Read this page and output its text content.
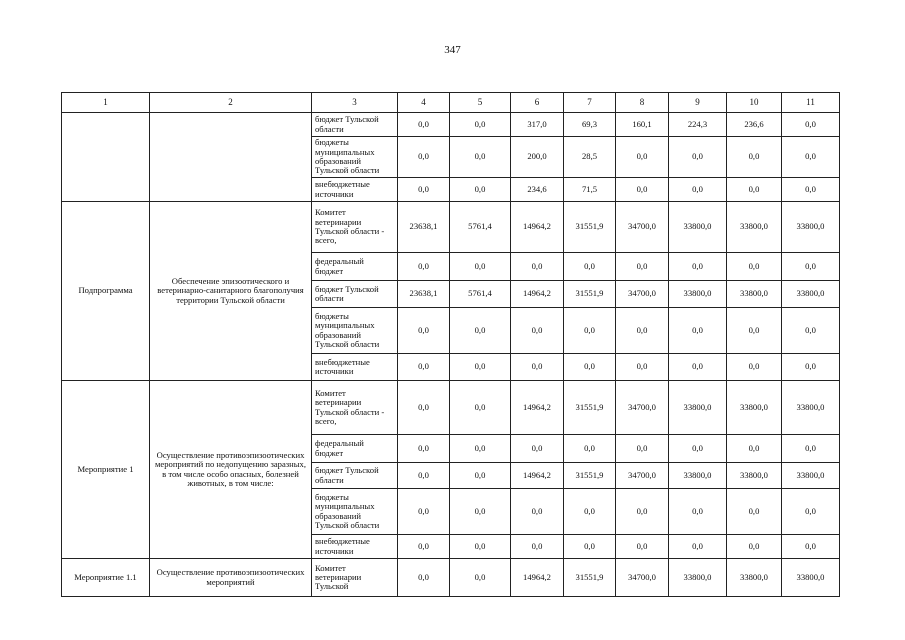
347
1	2	3	4	5	6	7	8	9	10	11
		бюджет Тульской области	0,0	0,0	317,0	69,3	160,1	224,3	236,6	0,0
		бюджеты муниципальных образований Тульской области	0,0	0,0	200,0	28,5	0,0	0,0	0,0	0,0
		внебюджетные источники	0,0	0,0	234,6	71,5	0,0	0,0	0,0	0,0
Подпрограмма	Обеспечение эпизоотического и ветеринарно-санитарного благополучия территории Тульской области	Комитет ветеринарии Тульской области - всего,	23638,1	5761,4	14964,2	31551,9	34700,0	33800,0	33800,0	33800,0
		федеральный бюджет	0,0	0,0	0,0	0,0	0,0	0,0	0,0	0,0
		бюджет Тульской области	23638,1	5761,4	14964,2	31551,9	34700,0	33800,0	33800,0	33800,0
		бюджеты муниципальных образований Тульской области	0,0	0,0	0,0	0,0	0,0	0,0	0,0	0,0
		внебюджетные источники	0,0	0,0	0,0	0,0	0,0	0,0	0,0	0,0
Мероприятие 1	Осуществление противоэпизоотических мероприятий по недопущению заразных, в том числе особо опасных, болезней животных, в том числе:	Комитет ветеринарии Тульской области - всего,	0,0	0,0	14964,2	31551,9	34700,0	33800,0	33800,0	33800,0
		федеральный бюджет	0,0	0,0	0,0	0,0	0,0	0,0	0,0	0,0
		бюджет Тульской области	0,0	0,0	14964,2	31551,9	34700,0	33800,0	33800,0	33800,0
		бюджеты муниципальных образований Тульской области	0,0	0,0	0,0	0,0	0,0	0,0	0,0	0,0
		внебюджетные источники	0,0	0,0	0,0	0,0	0,0	0,0	0,0	0,0
Мероприятие 1.1	Осуществление противоэпизоотических мероприятий	Комитет ветеринарии Тульской	0,0	0,0	14964,2	31551,9	34700,0	33800,0	33800,0	33800,0
